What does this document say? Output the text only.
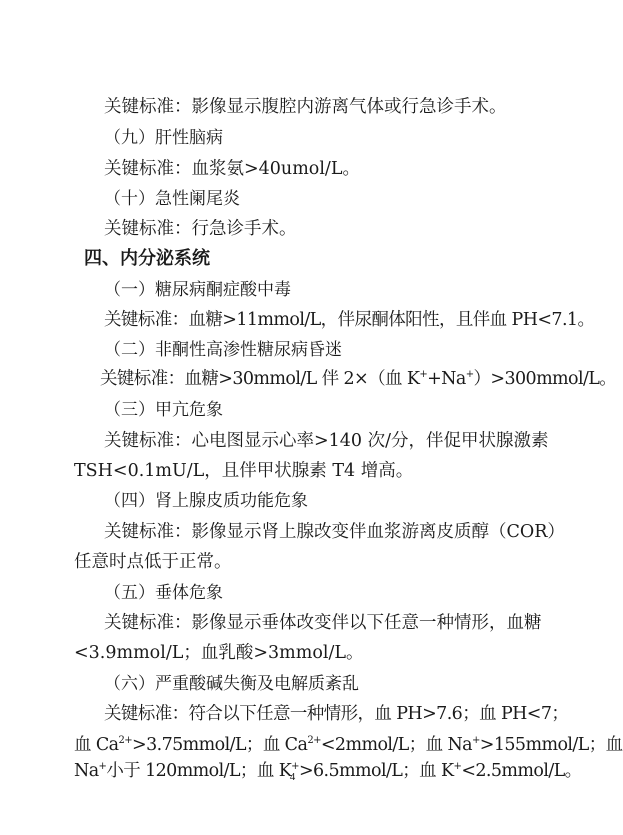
关键标准：影像显示腹腔内游离气体或行急诊手术。
（九）肝性脑病
关键标准：血浆氨>40umol/L。
（十）急性阑尾炎
关键标准：行急诊手术。
四、内分泌系统
（一）糖尿病酮症酸中毒
关键标准：血糖>11mmol/L，伴尿酮体阳性，且伴血 PH<7.1。
（二）非酮性高渗性糖尿病昏迷
关键标准：血糖>30mmol/L 伴 2×（血 K++Na+）>300mmol/L。
（三）甲亢危象
关键标准：心电图显示心率>140 次/分，伴促甲状腺激素
TSH<0.1mU/L，且伴甲状腺素 T4 增高。
（四）肾上腺皮质功能危象
关键标准：影像显示肾上腺改变伴血浆游离皮质醇（COR）
任意时点低于正常。
（五）垂体危象
关键标准：影像显示垂体改变伴以下任意一种情形，血糖
<3.9mmol/L；血乳酸>3mmol/L。
（六）严重酸碱失衡及电解质紊乱
关键标准：符合以下任意一种情形，血 PH>7.6；血 PH<7；
血 $Ca^{2+}>3.75mmol/L$；血 $Ca^{2+}<2mmol/L$；血 Na+>155mmol/L；血
Na+小于 120mmol/L；血 K+>6.5mmol/L；血 K+<2.5mmol/L。
4
